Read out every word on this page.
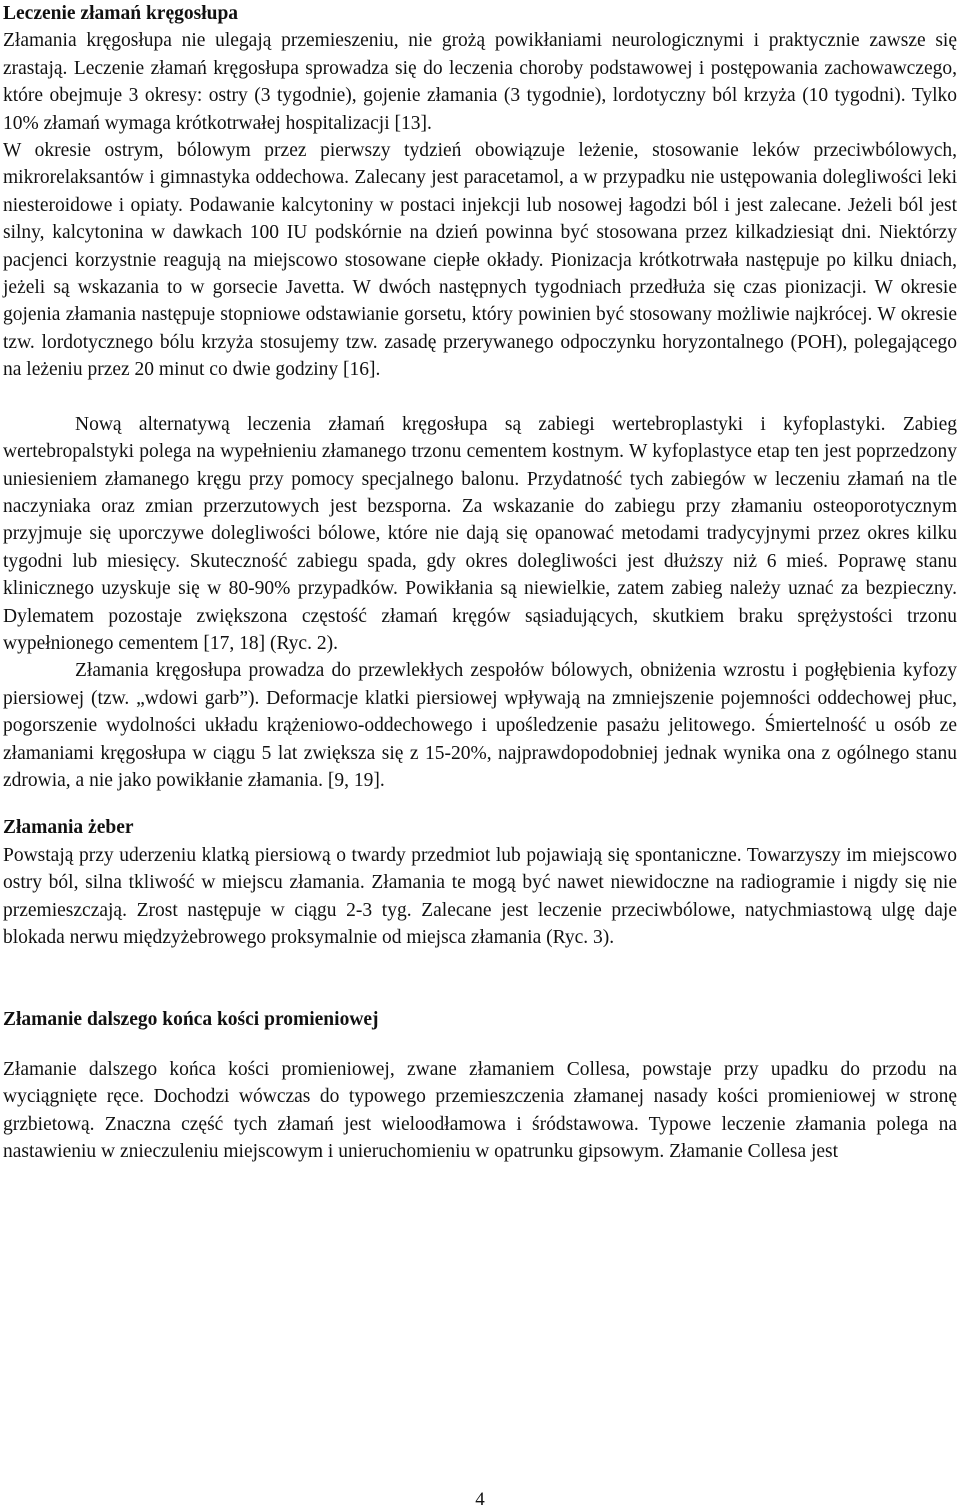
Leczenie złamań kręgosłupa

Złamania kręgosłupa nie ulegają przemieszeniu, nie grożą powikłaniami neurologicznymi i praktycznie zawsze się zrastają. Leczenie złamań kręgosłupa sprowadza się do leczenia choroby podstawowej i postępowania zachowawczego, które obejmuje 3 okresy: ostry (3 tygodnie), gojenie złamania (3 tygodnie), lordotyczny ból krzyża (10 tygodni). Tylko 10% złamań wymaga krótkotrwałej hospitalizacji [13].

W okresie ostrym, bólowym przez pierwszy tydzień obowiązuje leżenie, stosowanie leków przeciwbólowych, mikrorelaksantów i gimnastyka oddechowa. Zalecany jest paracetamol, a w przypadku nie ustępowania dolegliwości leki niesteroidowe i opiaty. Podawanie kalcytoniny w postaci injekcji lub nosowej łagodzi ból i jest zalecane. Jeżeli ból jest silny, kalcytonina w dawkach 100 IU podskórnie na dzień powinna być stosowana przez kilkadziesiąt dni. Niektórzy pacjenci korzystnie reagują na miejscowo stosowane ciepłe okłady. Pionizacja krótkotrwała następuje po kilku dniach, jeżeli są wskazania to w gorsecie Javetta. W dwóch następnych tygodniach przedłuża się czas pionizacji. W okresie gojenia złamania następuje stopniowe odstawianie gorsetu, który powinien być stosowany możliwie najkrócej. W okresie tzw. lordotycznego bólu krzyża stosujemy tzw. zasadę przerywanego odpoczynku horyzontalnego (POH), polegającego na leżeniu przez 20 minut co dwie godziny [16].

Nową alternatywą leczenia złamań kręgosłupa są zabiegi wertebroplastyki i kyfoplastyki. Zabieg wertebropalstyki polega na wypełnieniu złamanego trzonu cementem kostnym. W kyfoplastyce etap ten jest poprzedzony uniesieniem złamanego kręgu przy pomocy specjalnego balonu. Przydatność tych zabiegów w leczeniu złamań na tle naczyniaka oraz zmian przerzutowych jest bezsporna. Za wskazanie do zabiegu przy złamaniu osteoporotycznym przyjmuje się uporczywe dolegliwości bólowe, które nie dają się opanować metodami tradycyjnymi przez okres kilku tygodni lub miesięcy. Skuteczność zabiegu spada, gdy okres dolegliwości jest dłuższy niż 6 mieś. Poprawę stanu klinicznego uzyskuje się w 80-90% przypadków. Powikłania są niewielkie, zatem zabieg należy uznać za bezpieczny. Dylematem pozostaje zwiększona częstość złamań kręgów sąsiadujących, skutkiem braku sprężystości trzonu wypełnionego cementem [17, 18] (Ryc. 2).

Złamania kręgosłupa prowadza do przewlekłych zespołów bólowych, obniżenia wzrostu i pogłębienia kyfozy piersiowej (tzw. „wdowi garb”). Deformacje klatki piersiowej wpływają na zmniejszenie pojemności oddechowej płuc, pogorszenie wydolności układu krążeniowo-oddechowego i upośledzenie pasażu jelitowego. Śmiertelność u osób ze złamaniami kręgosłupa w ciągu 5 lat zwiększa się z 15-20%, najprawdopodobniej jednak wynika ona z ogólnego stanu zdrowia, a nie jako powikłanie złamania. [9, 19].

Złamania żeber

Powstają przy uderzeniu klatką piersiową o twardy przedmiot lub pojawiają się spontaniczne. Towarzyszy im miejscowo ostry ból, silna tkliwość w miejscu złamania. Złamania te mogą być nawet niewidoczne na radiogramie i nigdy się nie przemieszczają. Zrost następuje w ciągu 2-3 tyg. Zalecane jest leczenie przeciwbólowe, natychmiastową ulgę daje blokada nerwu międzyżebrowego proksymalnie od miejsca złamania (Ryc. 3).

Złamanie dalszego końca kości promieniowej

Złamanie dalszego końca kości promieniowej, zwane złamaniem Collesa, powstaje przy upadku do przodu na wyciągnięte ręce. Dochodzi wówczas do typowego przemieszczenia złamanej nasady kości promieniowej w stronę grzbietową. Znaczna część tych złamań jest wieloodłamowa i śródstawowa. Typowe leczenie złamania polega na nastawieniu w znieczuleniu miejscowym i unieruchomieniu w opatrunku gipsowym. Złamanie Collesa jest

4
